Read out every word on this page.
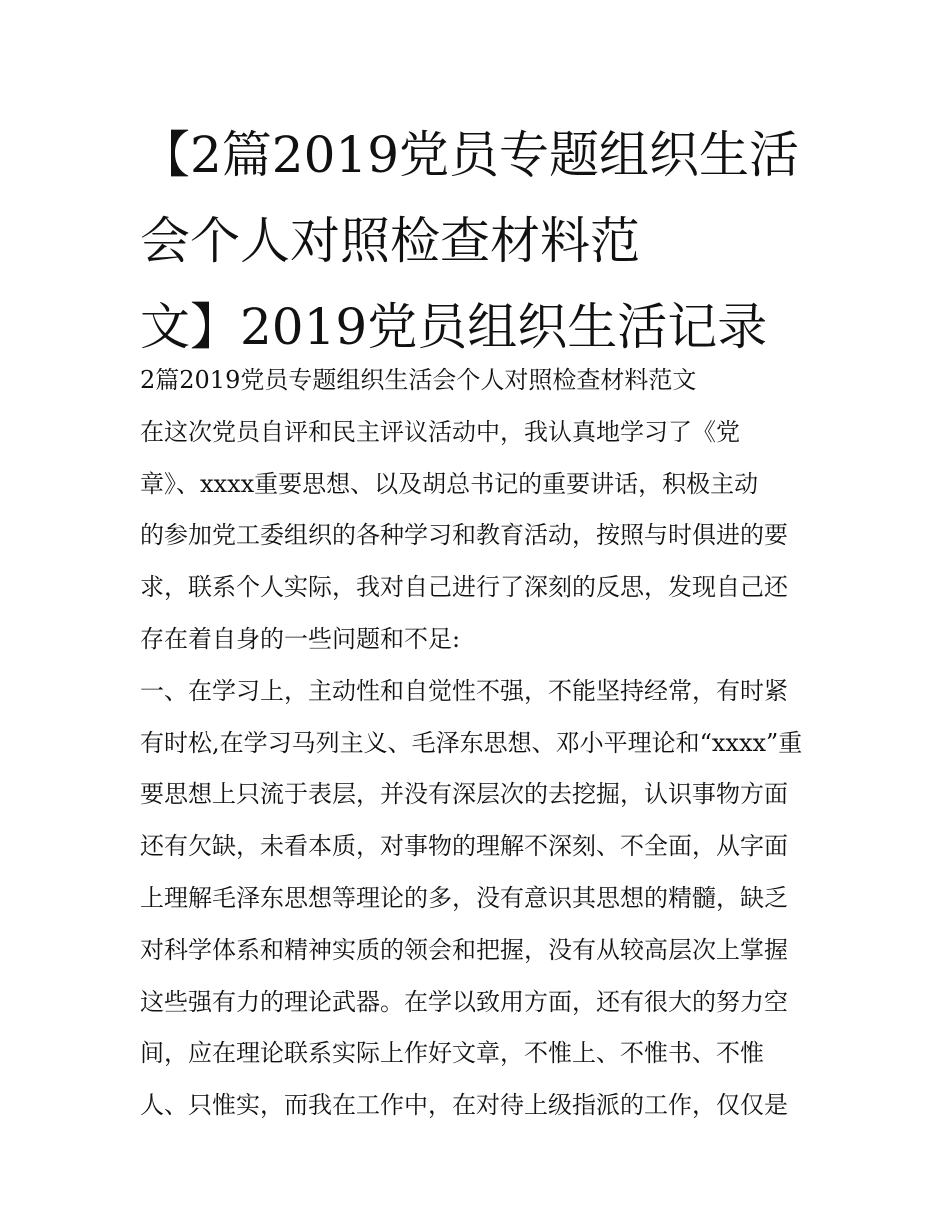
【2篇2019党员专题组织生活
会个人对照检查材料范
文】2019党员组织生活记录
2篇2019党员专题组织生活会个人对照检查材料范文
在这次党员自评和民主评议活动中，我认真地学习了《党
章》、xxxx重要思想、以及胡总书记的重要讲话，积极主动
的参加党工委组织的各种学习和教育活动，按照与时俱进的要
求，联系个人实际，我对自己进行了深刻的反思，发现自己还
存在着自身的一些问题和不足:
一、在学习上，主动性和自觉性不强，不能坚持经常，有时紧
有时松,在学习马列主义、毛泽东思想、邓小平理论和“xxxx”重
要思想上只流于表层，并没有深层次的去挖掘，认识事物方面
还有欠缺，未看本质，对事物的理解不深刻、不全面，从字面
上理解毛泽东思想等理论的多，没有意识其思想的精髓，缺乏
对科学体系和精神实质的领会和把握，没有从较高层次上掌握
这些强有力的理论武器。在学以致用方面，还有很大的努力空
间，应在理论联系实际上作好文章，不惟上、不惟书、不惟
人、只惟实，而我在工作中，在对待上级指派的工作，仅仅是
